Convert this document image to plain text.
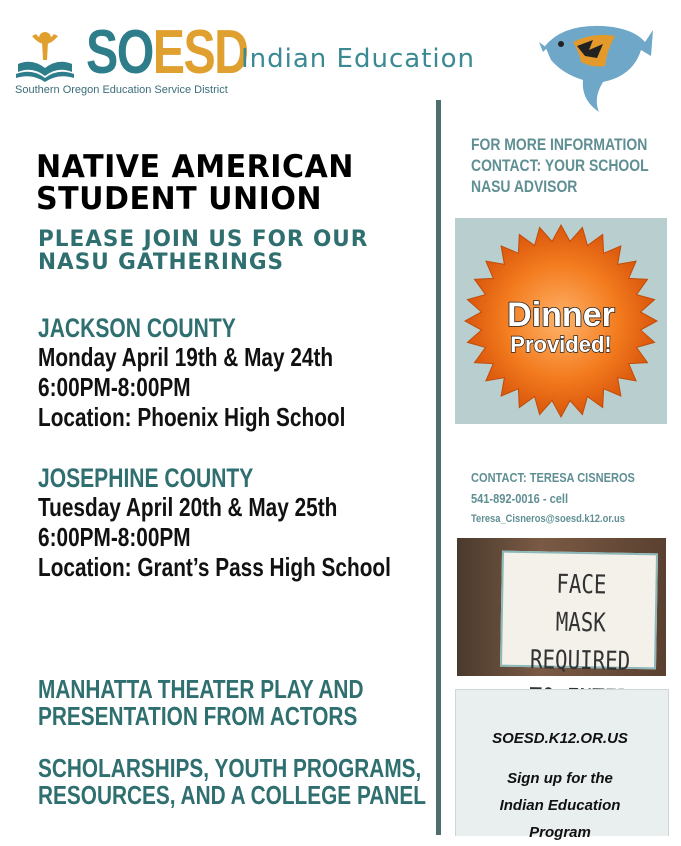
SOESD
Southern Oregon Education Service District
Indian Education
NATIVE AMERICAN
STUDENT UNION
PLEASE JOIN US FOR OUR
NASU GATHERINGS
JACKSON COUNTY
Monday April 19th & May 24th
6:00PM-8:00PM
Location: Phoenix High School
JOSEPHINE COUNTY
Tuesday April 20th & May 25th
6:00PM-8:00PM
Location: Grant’s Pass High School
MANHATTA THEATER PLAY AND
PRESENTATION FROM ACTORS
SCHOLARSHIPS, YOUTH PROGRAMS,
RESOURCES, AND A COLLEGE PANEL
FOR MORE INFORMATION
CONTACT: YOUR SCHOOL
NASU ADVISOR
Dinner
Provided!
CONTACT: TERESA CISNEROS
541-892-0016 - cell
Teresa_Cisneros@soesd.k12.or.us
FACE MASK
REQUIRED
SOESD.K12.OR.US
Sign up for the
Indian Education
Program
